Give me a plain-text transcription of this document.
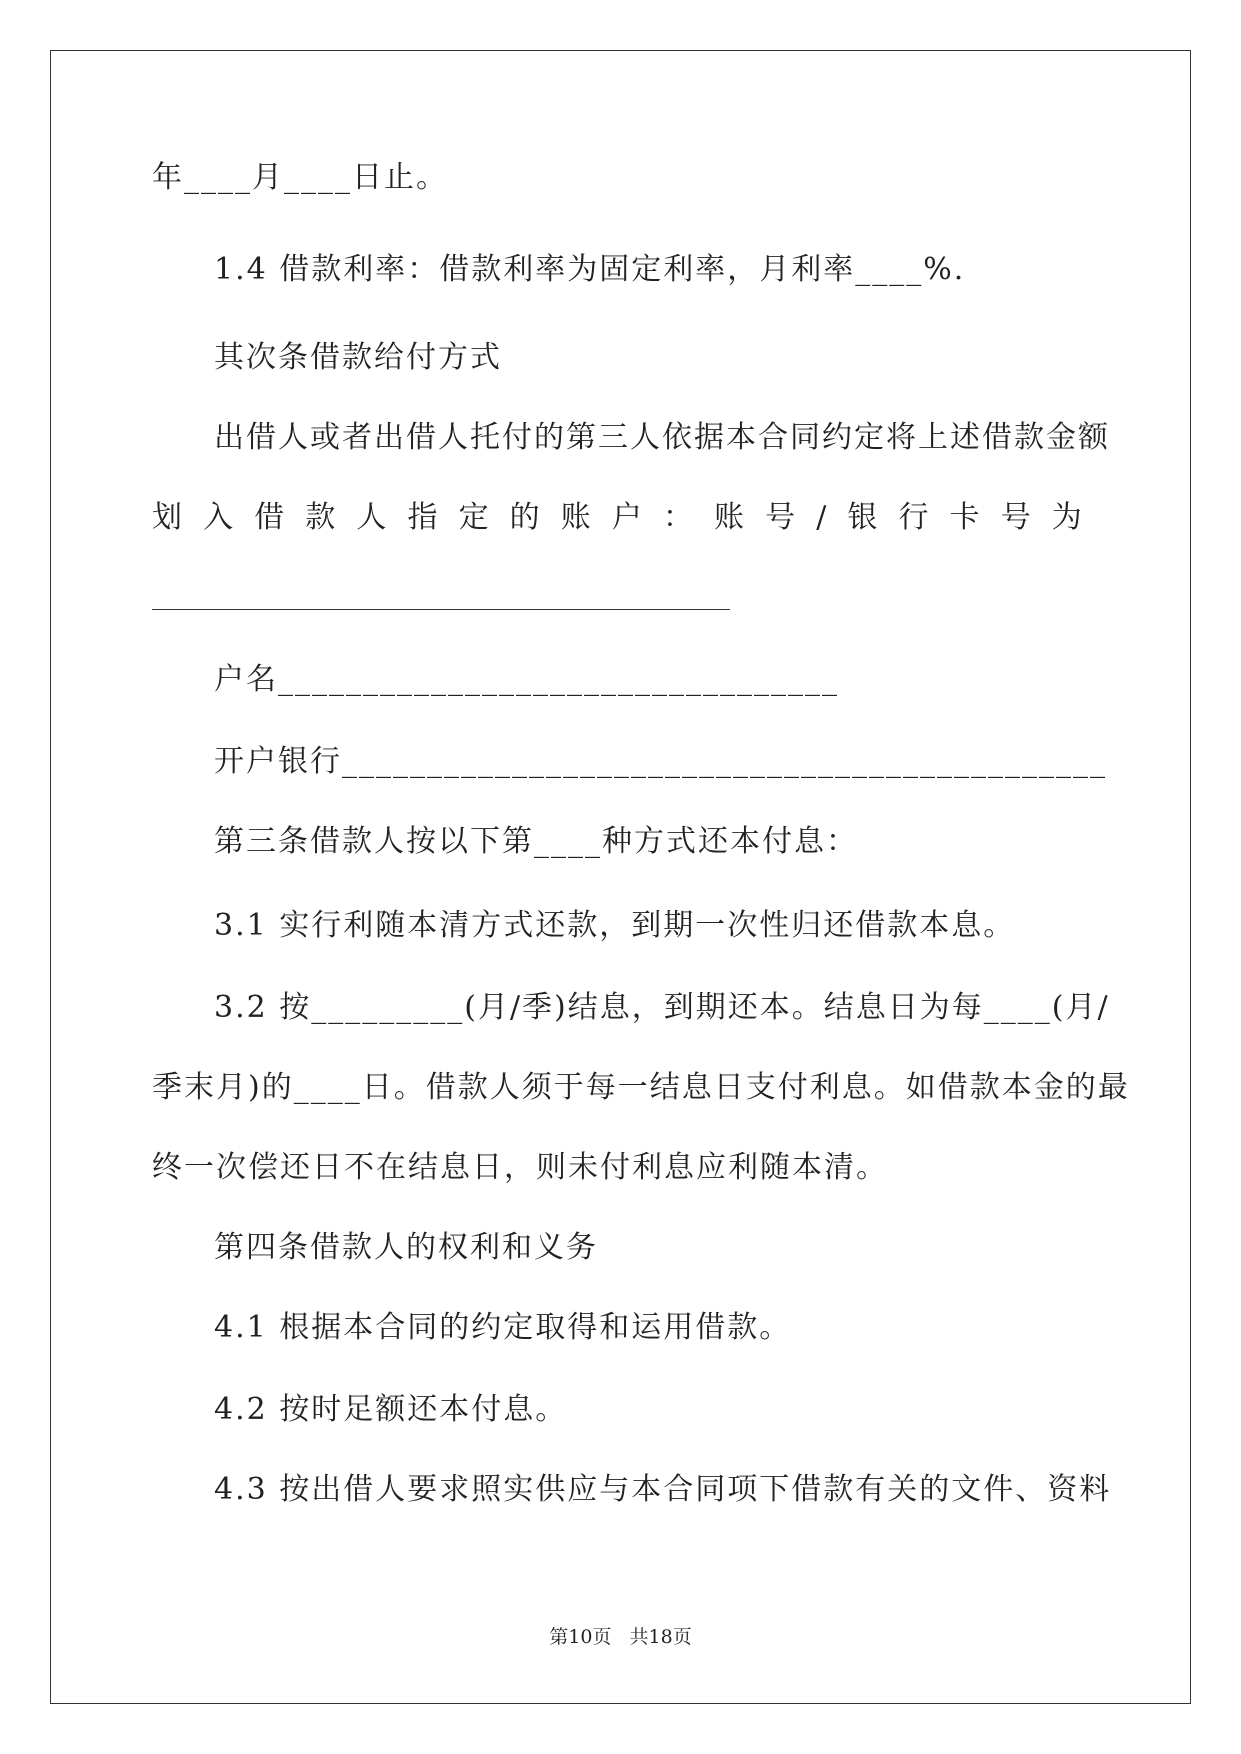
年____月____日止。
1.4 借款利率：借款利率为固定利率，月利率____%.
其次条借款给付方式
出借人或者出借人托付的第三人依据本合同约定将上述借款金额
户名_________________________________
开户银行_____________________________________________
第三条借款人按以下第____种方式还本付息：
3.1 实行利随本清方式还款，到期一次性归还借款本息。
3.2 按_________(月/季)结息，到期还本。结息日为每____(月/
季末月)的____日。借款人须于每一结息日支付利息。如借款本金的最
终一次偿还日不在结息日，则未付利息应利随本清。
第四条借款人的权利和义务
4.1 根据本合同的约定取得和运用借款。
4.2 按时足额还本付息。
4.3 按出借人要求照实供应与本合同项下借款有关的文件、资料
划 入 借 款 人 指 定 的 账 户 ： 账 号 / 银 行 卡 号 为
第10页 共18页
